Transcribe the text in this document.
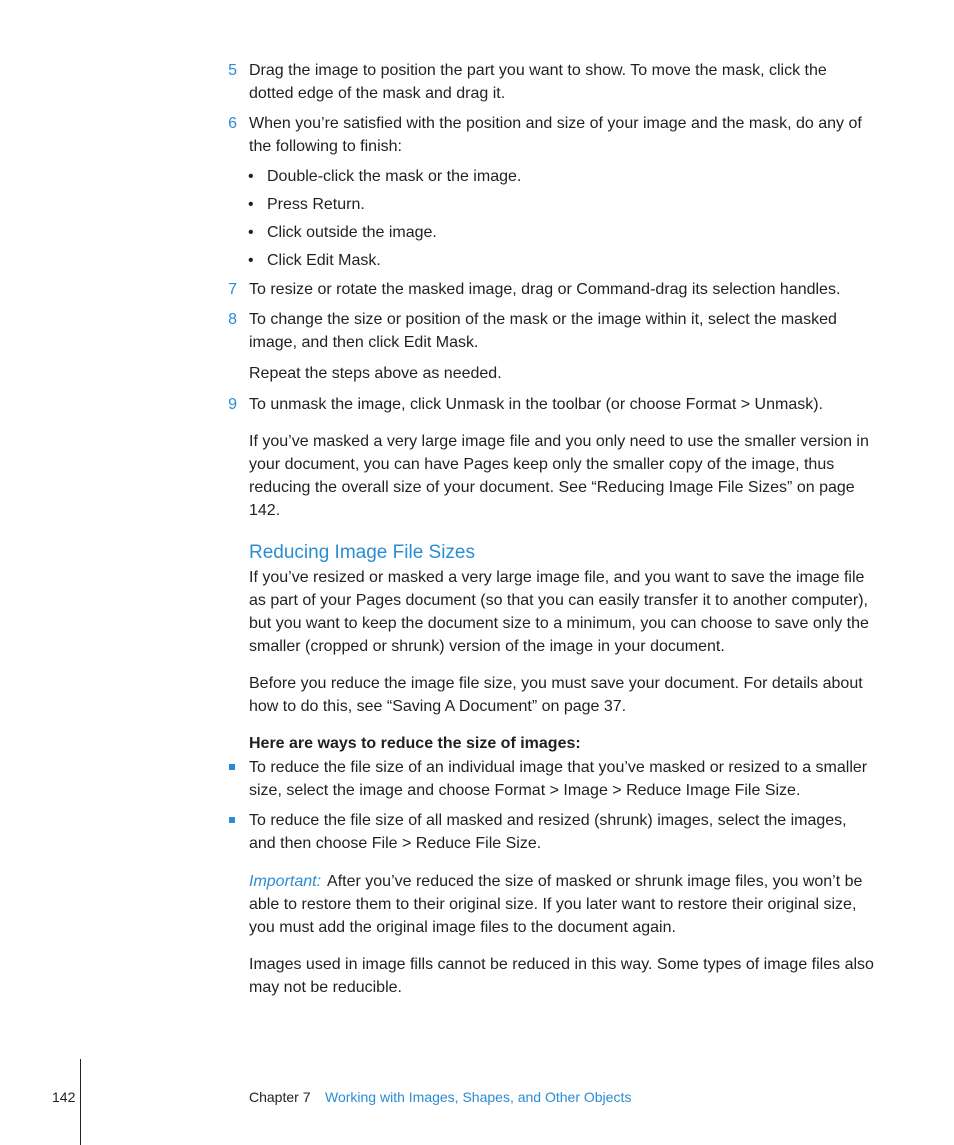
5 Drag the image to position the part you want to show. To move the mask, click the dotted edge of the mask and drag it.
6 When you’re satisfied with the position and size of your image and the mask, do any of the following to finish:
• Double-click the mask or the image.
• Press Return.
• Click outside the image.
• Click Edit Mask.
7 To resize or rotate the masked image, drag or Command-drag its selection handles.
8 To change the size or position of the mask or the image within it, select the masked image, and then click Edit Mask.

Repeat the steps above as needed.

9 To unmask the image, click Unmask in the toolbar (or choose Format > Unmask).

If you’ve masked a very large image file and you only need to use the smaller version in your document, you can have Pages keep only the smaller copy of the image, thus reducing the overall size of your document. See “Reducing Image File Sizes” on page 142.

Reducing Image File Sizes

If you’ve resized or masked a very large image file, and you want to save the image file as part of your Pages document (so that you can easily transfer it to another computer), but you want to keep the document size to a minimum, you can choose to save only the smaller (cropped or shrunk) version of the image in your document.

Before you reduce the image file size, you must save your document. For details about how to do this, see “Saving A Document” on page 37.

Here are ways to reduce the size of images:

To reduce the file size of an individual image that you’ve masked or resized to a smaller size, select the image and choose Format > Image > Reduce Image File Size.
To reduce the file size of all masked and resized (shrunk) images, select the images, and then choose File > Reduce File Size.

Important: After you’ve reduced the size of masked or shrunk image files, you won’t be able to restore them to their original size. If you later want to restore their original size, you must add the original image files to the document again.

Images used in image fills cannot be reduced in this way. Some types of image files also may not be reducible.

142	Chapter 7 Working with Images, Shapes, and Other Objects
